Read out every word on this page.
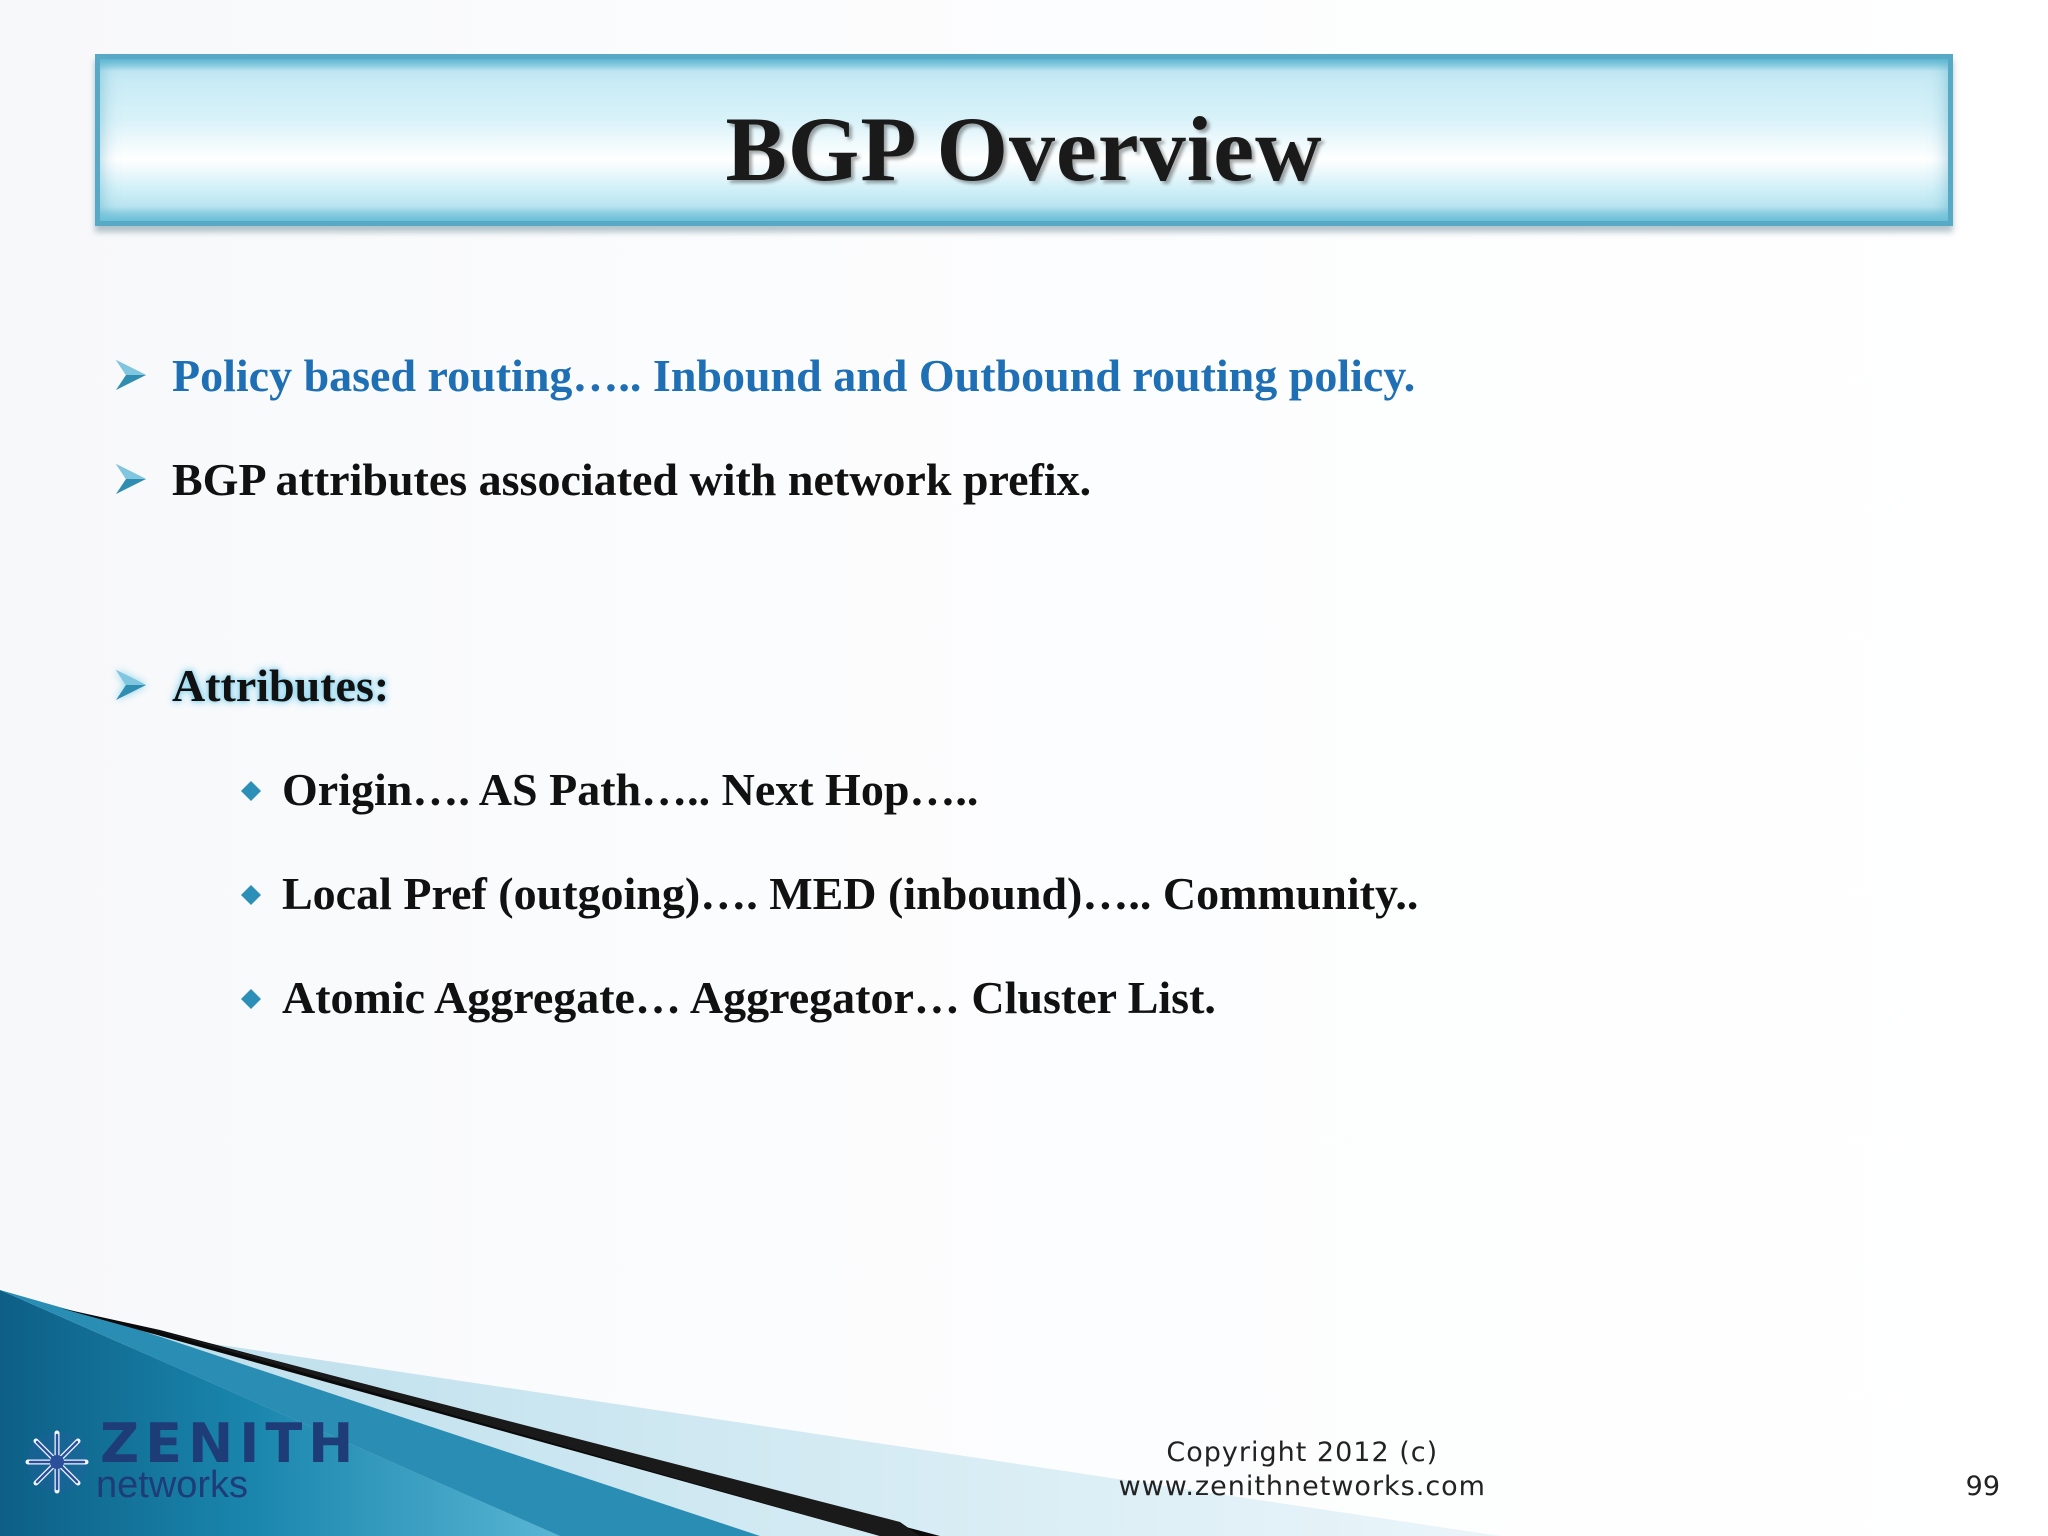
BGP Overview
Policy based routing….. Inbound and Outbound routing policy.
BGP attributes associated with network prefix.
Attributes:
Origin…. AS Path….. Next Hop…..
Local Pref (outgoing)…. MED (inbound)….. Community..
Atomic Aggregate… Aggregator… Cluster List.
ZENITH
networks
Copyright 2012 (c)
www.zenithnetworks.com	99
